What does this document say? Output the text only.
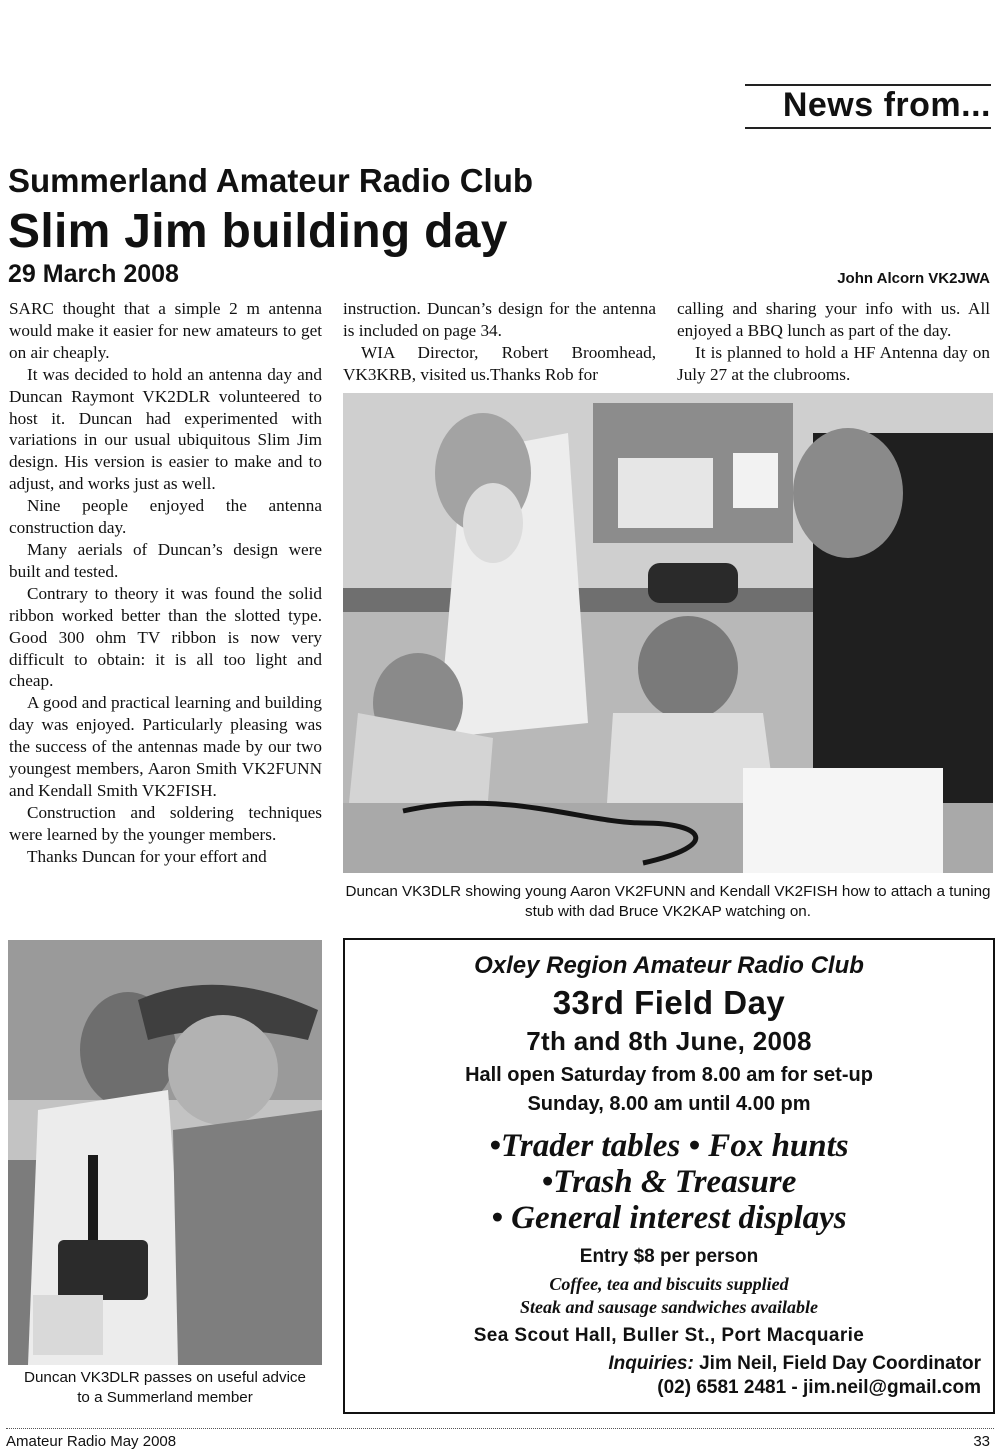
News from...
Summerland Amateur Radio Club
Slim Jim building day
29 March 2008	John Alcorn VK2JWA

SARC thought that a simple 2 m antenna would make it easier for new amateurs to get on air cheaply.

It was decided to hold an antenna day and Duncan Raymont VK2DLR volunteered to host it. Duncan had experimented with variations in our usual ubiquitous Slim Jim design. His version is easier to make and to adjust, and works just as well.

Nine people enjoyed the antenna construction day.

Many aerials of Duncan’s design were built and tested.

Contrary to theory it was found the solid ribbon worked better than the slotted type. Good 300 ohm TV ribbon is now very difficult to obtain: it is all too light and cheap.

A good and practical learning and building day was enjoyed. Particularly pleasing was the success of the antennas made by our two youngest members, Aaron Smith VK2FUNN and Kendall Smith VK2FISH.

Construction and soldering techniques were learned by the younger members.

Thanks Duncan for your effort and

instruction. Duncan’s design for the antenna is included on page 34.

WIA Director, Robert Broomhead, VK3KRB, visited us.Thanks Rob for

calling and sharing your info with us. All enjoyed a BBQ lunch as part of the day.

It is planned to hold a HF Antenna day on July 27 at the clubrooms.

Duncan VK3DLR showing young Aaron VK2FUNN and Kendall VK2FISH how to attach a tuning stub with dad Bruce VK2KAP watching on.
Duncan VK3DLR passes on useful advice
to a Summerland member
Oxley Region Amateur Radio Club
33rd Field Day
7th and 8th June, 2008
Hall open Saturday from 8.00 am for set-up
Sunday, 8.00 am until 4.00 pm
•Trader tables • Fox hunts
•Trash & Treasure
• General interest displays
Entry $8 per person
Coffee, tea and biscuits supplied
Steak and sausage sandwiches available
Sea Scout Hall, Buller St., Port Macquarie
Inquiries: Jim Neil, Field Day Coordinator
(02) 6581 2481 - jim.neil@gmail.com
Amateur Radio May 2008	33
